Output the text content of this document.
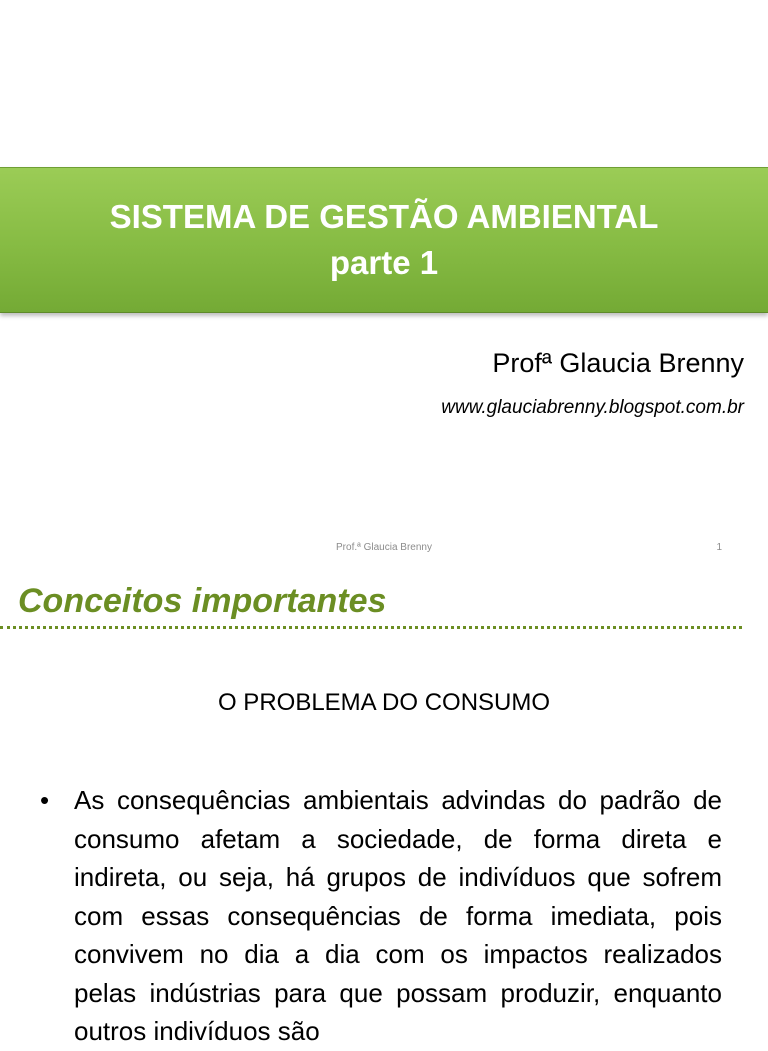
SISTEMA DE GESTÃO AMBIENTAL
parte 1
Profª Glaucia Brenny
www.glauciabrenny.blogspot.com.br
Prof.ª Glaucia Brenny	1
Conceitos importantes
O PROBLEMA DO CONSUMO
• As consequências ambientais advindas do padrão de consumo afetam a sociedade, de forma direta e indireta, ou seja, há grupos de indivíduos que sofrem com essas consequências de forma imediata, pois convivem no dia a dia com os impactos realizados pelas indústrias para que possam produzir, enquanto outros indivíduos são
